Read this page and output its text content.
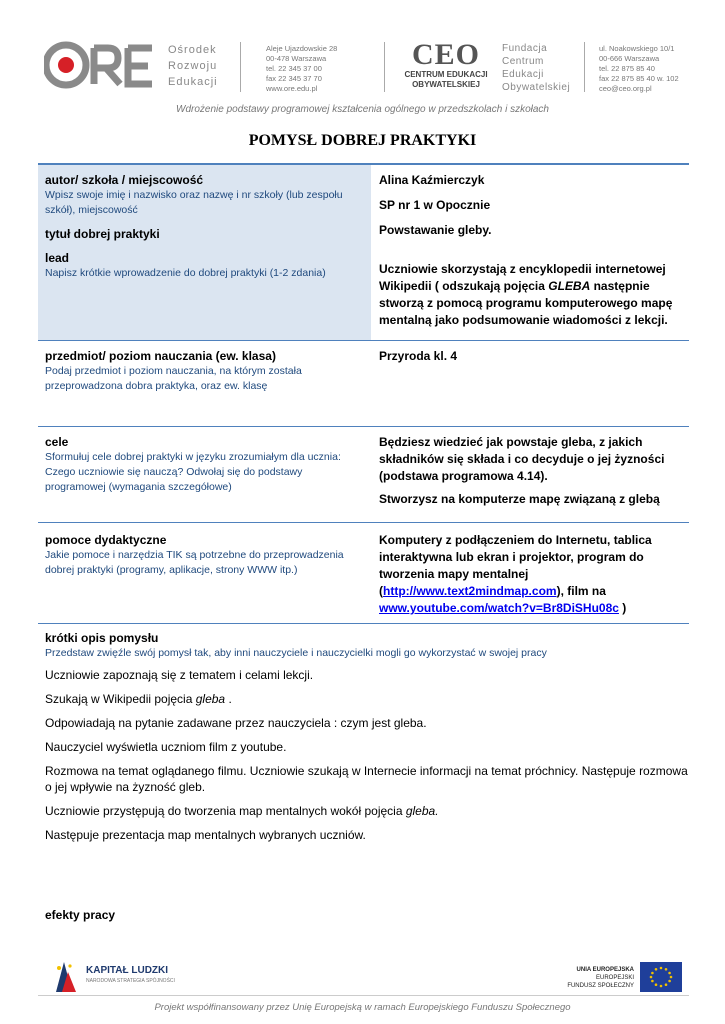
Ośrodek
Rozwoju
Edukacji
Aleje Ujazdowskie 28
00-478 Warszawa
tel. 22 345 37 00
fax 22 345 37 70
www.ore.edu.pl
CEO
CENTRUM EDUKACJI
OBYWATELSKIEJ
Fundacja
Centrum
Edukacji
Obywatelskiej
ul. Noakowskiego 10/1
00-666 Warszawa
tel. 22 875 85 40
fax 22 875 85 40 w. 102
ceo@ceo.org.pl
Wdrożenie podstawy programowej kształcenia ogólnego w przedszkolach i szkołach
POMYSŁ DOBREJ PRAKTYKI
autor/ szkoła / miejscowość
Wpisz swoje imię i nazwisko oraz nazwę i nr szkoły (lub zespołu szkół), miejscowość
tytuł dobrej praktyki
lead
Napisz krótkie wprowadzenie do dobrej praktyki (1-2 zdania)
Alina Kaźmierczyk
SP nr 1 w Opocznie
Powstawanie gleby.
Uczniowie skorzystają z encyklopedii internetowej Wikipedii ( odszukają pojęcia GLEBA następnie stworzą z pomocą programu komputerowego mapę mentalną jako podsumowanie wiadomości z lekcji.
przedmiot/ poziom nauczania (ew. klasa)
Podaj przedmiot i poziom nauczania, na którym została przeprowadzona dobra praktyka, oraz ew. klasę
Przyroda kl. 4
cele
Sformułuj cele dobrej praktyki w języku zrozumiałym dla ucznia: Czego uczniowie się nauczą? Odwołaj się do podstawy programowej (wymagania szczegółowe)
Będziesz wiedzieć jak powstaje gleba, z jakich składników się składa i co decyduje o jej żyzności (podstawa programowa 4.14).
Stworzysz na komputerze mapę związaną z glebą
pomoce dydaktyczne
Jakie pomoce i narzędzia TIK są potrzebne do przeprowadzenia dobrej praktyki (programy, aplikacje, strony WWW itp.)
Komputery z podłączeniem do Internetu, tablica interaktywna lub ekran i projektor, program do tworzenia mapy mentalnej
(http://www.text2mindmap.com), film na
www.youtube.com/watch?v=Br8DiSHu08c )
krótki opis pomysłu
Przedstaw zwięźle swój pomysł tak, aby inni nauczyciele i nauczycielki mogli go wykorzystać w swojej pracy

Uczniowie zapoznają się z tematem i celami lekcji.

Szukają w Wikipedii pojęcia gleba .

Odpowiadają na pytanie zadawane przez nauczyciela : czym jest gleba.

Nauczyciel wyświetla uczniom film z youtube.

Rozmowa na temat oglądanego filmu. Uczniowie szukają w Internecie informacji na temat próchnicy. Następuje rozmowa o jej wpływie na żyzność gleb.

Uczniowie przystępują do tworzenia map mentalnych wokół pojęcia gleba.

Następuje prezentacja map mentalnych wybranych uczniów.

efekty pracy
KAPITAŁ LUDZKI
NARODOWA STRATEGIA SPÓJNOŚCI
UNIA EUROPEJSKA
EUROPEJSKI
FUNDUSZ SPOŁECZNY
Projekt współfinansowany przez Unię Europejską w ramach Europejskiego Funduszu Społecznego
